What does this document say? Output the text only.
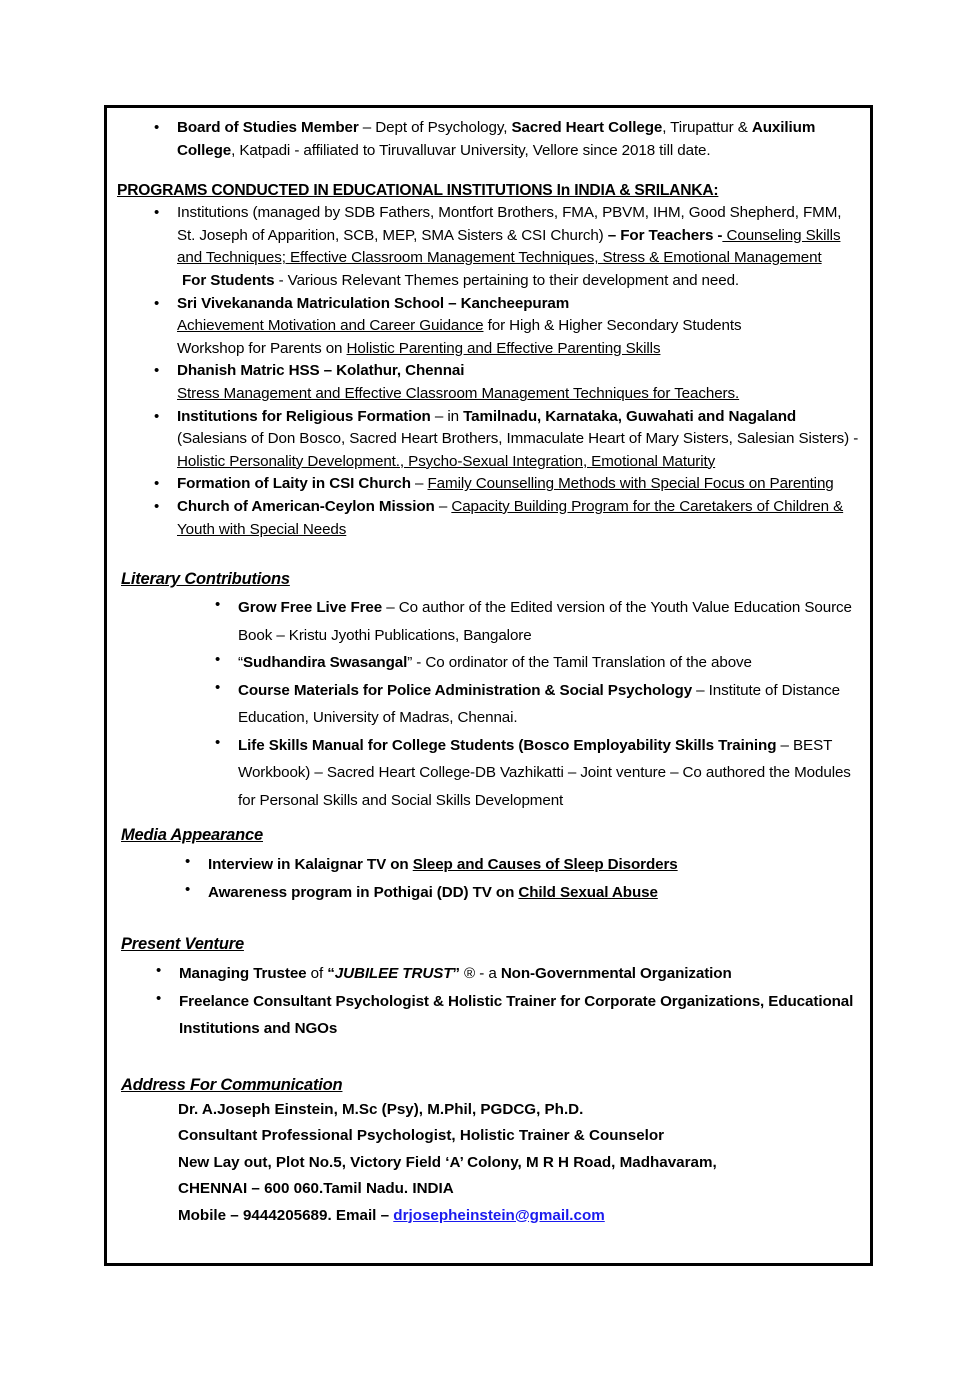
•	Board of Studies Member – Dept of Psychology, Sacred Heart College, Tirupattur & Auxilium College, Katpadi - affiliated to Tiruvalluvar University, Vellore since 2018 till date.
PROGRAMS CONDUCTED IN EDUCATIONAL INSTITUTIONS In INDIA & SRILANKA:
•	Institutions (managed by SDB Fathers, Montfort Brothers, FMA, PBVM, IHM, Good Shepherd, FMM, St. Joseph of Apparition, SCB, MEP, SMA Sisters & CSI Church) – For Teachers - Counseling Skills and Techniques; Effective Classroom Management Techniques, Stress & Emotional Management
For Students - Various Relevant Themes pertaining to their development and need.
•	Sri Vivekananda Matriculation School – Kancheepuram
Achievement Motivation and Career Guidance for High & Higher Secondary Students
Workshop for Parents on Holistic Parenting and Effective Parenting Skills
•	Dhanish Matric HSS – Kolathur, Chennai
Stress Management and Effective Classroom Management Techniques for Teachers.
•	Institutions for Religious Formation – in Tamilnadu, Karnataka, Guwahati and Nagaland
(Salesians of Don Bosco, Sacred Heart Brothers, Immaculate Heart of Mary Sisters, Salesian Sisters) - Holistic Personality Development., Psycho-Sexual Integration, Emotional Maturity
•	Formation of Laity in CSI Church – Family Counselling Methods with Special Focus on Parenting
•	Church of American-Ceylon Mission – Capacity Building Program for the Caretakers of Children & Youth with Special Needs
Literary Contributions
•	Grow Free Live Free – Co author of the Edited version of the Youth Value Education Source Book – Kristu Jyothi Publications, Bangalore
•	“Sudhandira Swasangal” - Co ordinator of the Tamil Translation of the above
•	Course Materials for Police Administration & Social Psychology – Institute of Distance Education, University of Madras, Chennai.
•	Life Skills Manual for College Students (Bosco Employability Skills Training – BEST Workbook) – Sacred Heart College-DB Vazhikatti – Joint venture – Co authored the Modules for Personal Skills and Social Skills Development
Media Appearance
•	Interview in Kalaignar TV on Sleep and Causes of Sleep Disorders
•	Awareness program in Pothigai (DD) TV on Child Sexual Abuse
Present Venture
•	Managing Trustee of “JUBILEE TRUST” ® - a Non-Governmental Organization
•	Freelance Consultant Psychologist & Holistic Trainer for Corporate Organizations, Educational Institutions and NGOs
Address For Communication
Dr. A.Joseph Einstein, M.Sc (Psy), M.Phil, PGDCG, Ph.D.
Consultant Professional Psychologist, Holistic Trainer & Counselor
New Lay out, Plot No.5, Victory Field ‘A’ Colony, M R H Road, Madhavaram,
CHENNAI – 600 060.Tamil Nadu. INDIA
Mobile – 9444205689. Email – drjosepheinstein@gmail.com
